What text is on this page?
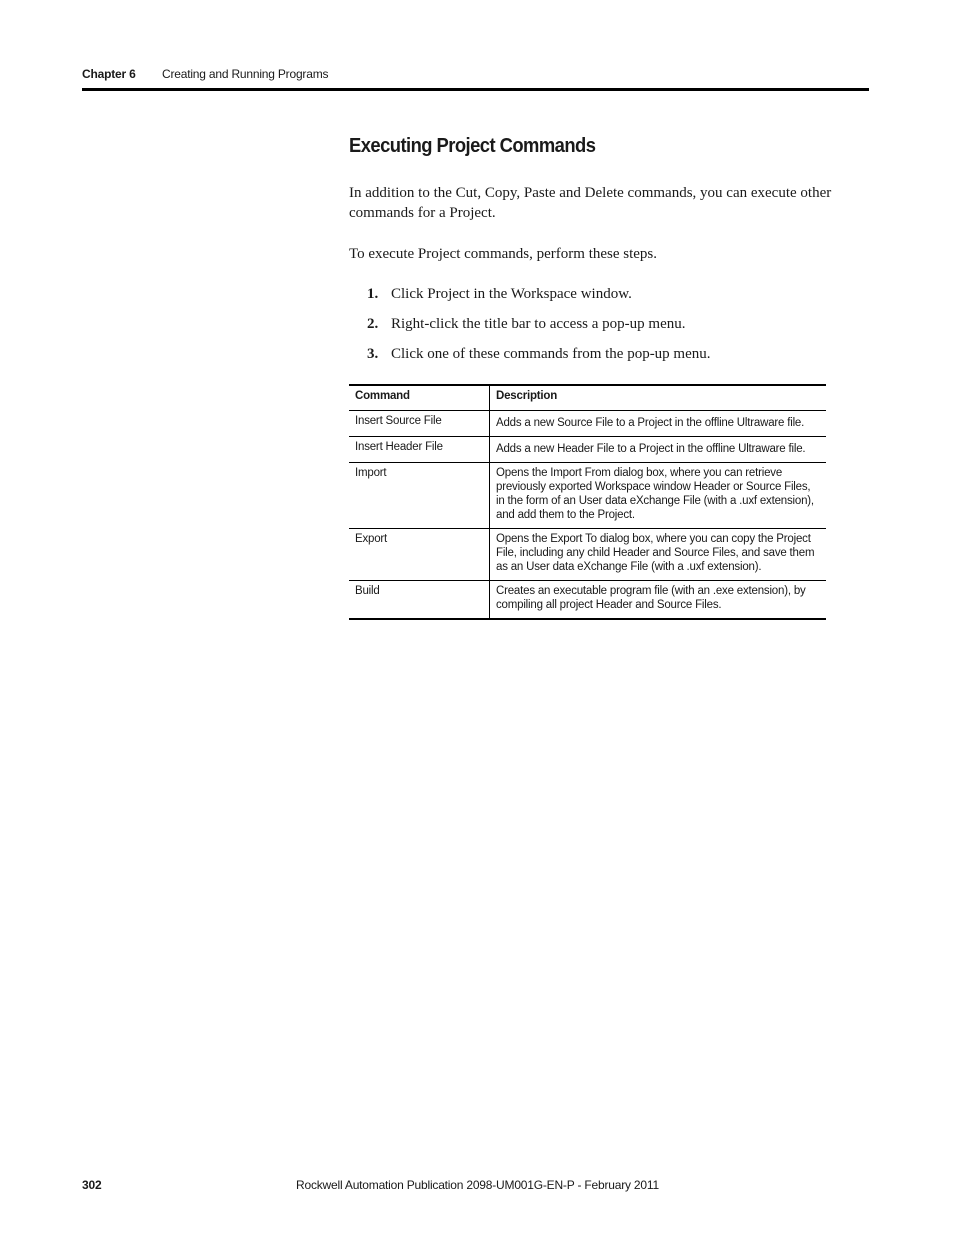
Chapter 6 Creating and Running Programs
Executing Project Commands

In addition to the Cut, Copy, Paste and Delete commands, you can execute other commands for a Project.

To execute Project commands, perform these steps.

1. Click Project in the Workspace window.
2. Right-click the title bar to access a pop-up menu.
3. Click one of these commands from the pop-up menu.
Command	Description
Insert Source File	Adds a new Source File to a Project in the offline Ultraware file.
Insert Header File	Adds a new Header File to a Project in the offline Ultraware file.
Import	Opens the Import From dialog box, where you can retrieve previously exported Workspace window Header or Source Files, in the form of an User data eXchange File (with a .uxf extension), and add them to the Project.
Export	Opens the Export To dialog box, where you can copy the Project File, including any child Header and Source Files, and save them as an User data eXchange File (with a .uxf extension).
Build	Creates an executable program file (with an .exe extension), by compiling all project Header and Source Files.
302	Rockwell Automation Publication 2098-UM001G-EN-P - February 2011
